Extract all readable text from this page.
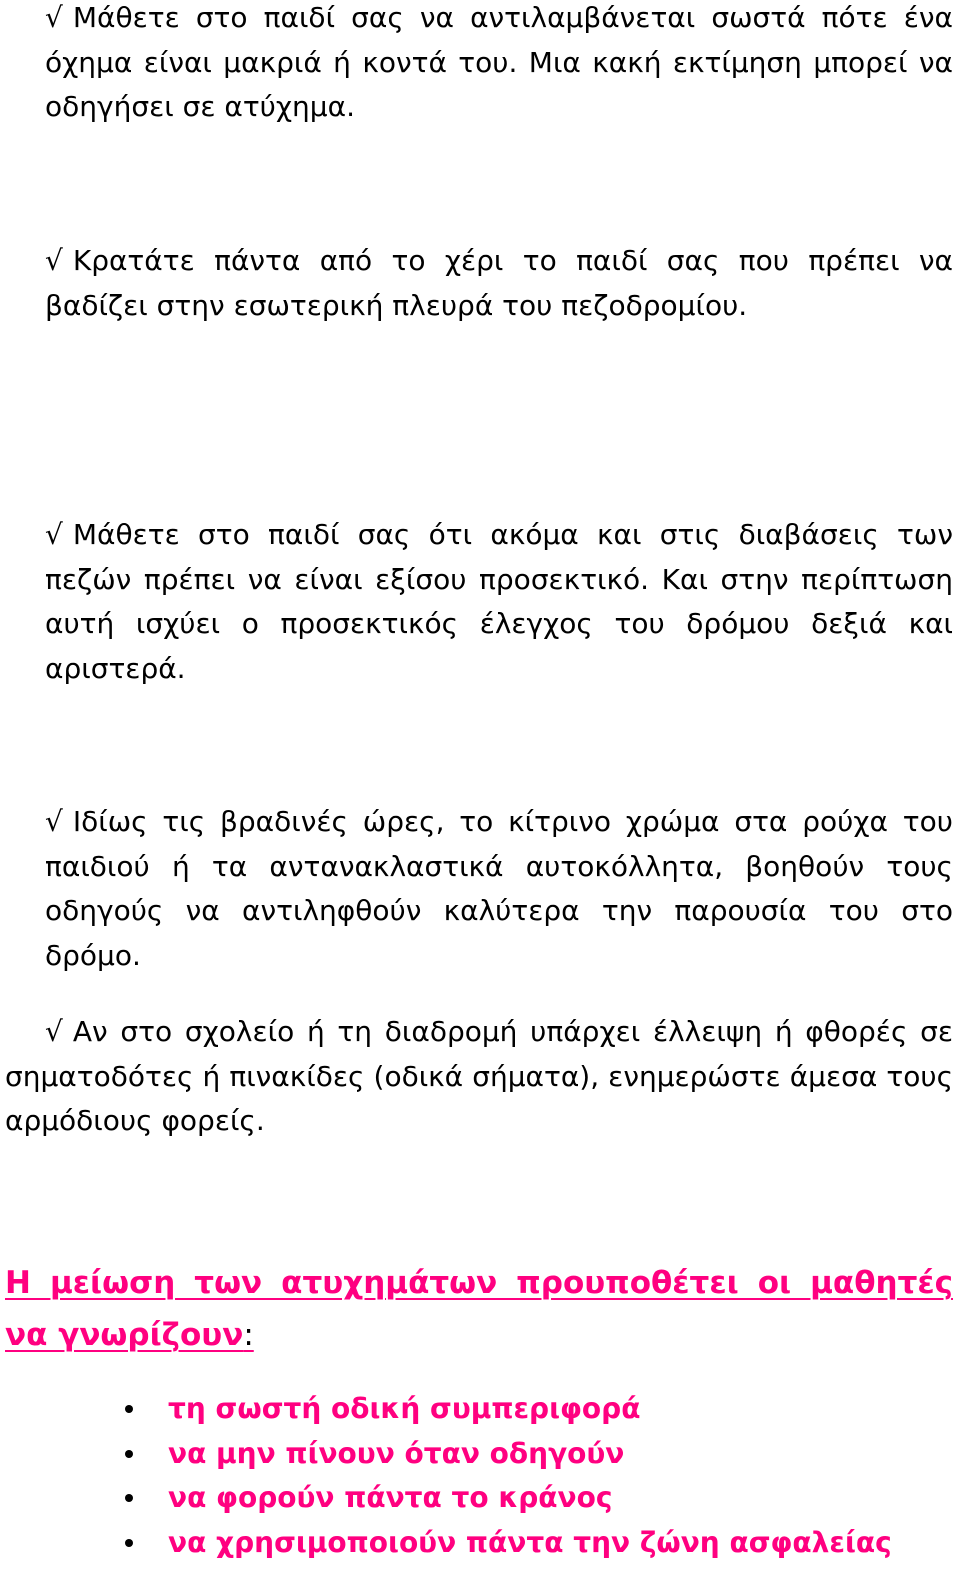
√ Μάθετε στο παιδί σας να αντιλαμβάνεται σωστά πότε ένα όχημα είναι μακριά ή κοντά του. Μια κακή εκτίμηση μπορεί να οδηγήσει σε ατύχημα.

√ Κρατάτε πάντα από το χέρι το παιδί σας που πρέπει να βαδίζει στην εσωτερική πλευρά του πεζοδρομίου.

√ Μάθετε στο παιδί σας ότι ακόμα και στις διαβάσεις των πεζών πρέπει να είναι εξίσου προσεκτικό. Και στην περίπτωση αυτή ισχύει ο προσεκτικός έλεγχος του δρόμου δεξιά και αριστερά.

√ Ιδίως τις βραδινές ώρες, το κίτρινο χρώμα στα ρούχα του παιδιού ή τα αντανακλαστικά αυτοκόλλητα, βοηθούν τους οδηγούς να αντιληφθούν καλύτερα την παρουσία του στο δρόμο.

√ Αν στο σχολείο ή τη διαδρομή υπάρχει έλλειψη ή φθορές σε σηματοδότες ή πινακίδες (οδικά σήματα), ενημερώστε άμεσα τους αρμόδιους φορείς.

Η μείωση των ατυχημάτων προυποθέτει οι μαθητές να γνωρίζουν:
τη σωστή οδική συμπεριφορά
να μην πίνουν όταν οδηγούν
να φορούν πάντα το κράνος
να χρησιμοποιούν πάντα την ζώνη ασφαλείας
